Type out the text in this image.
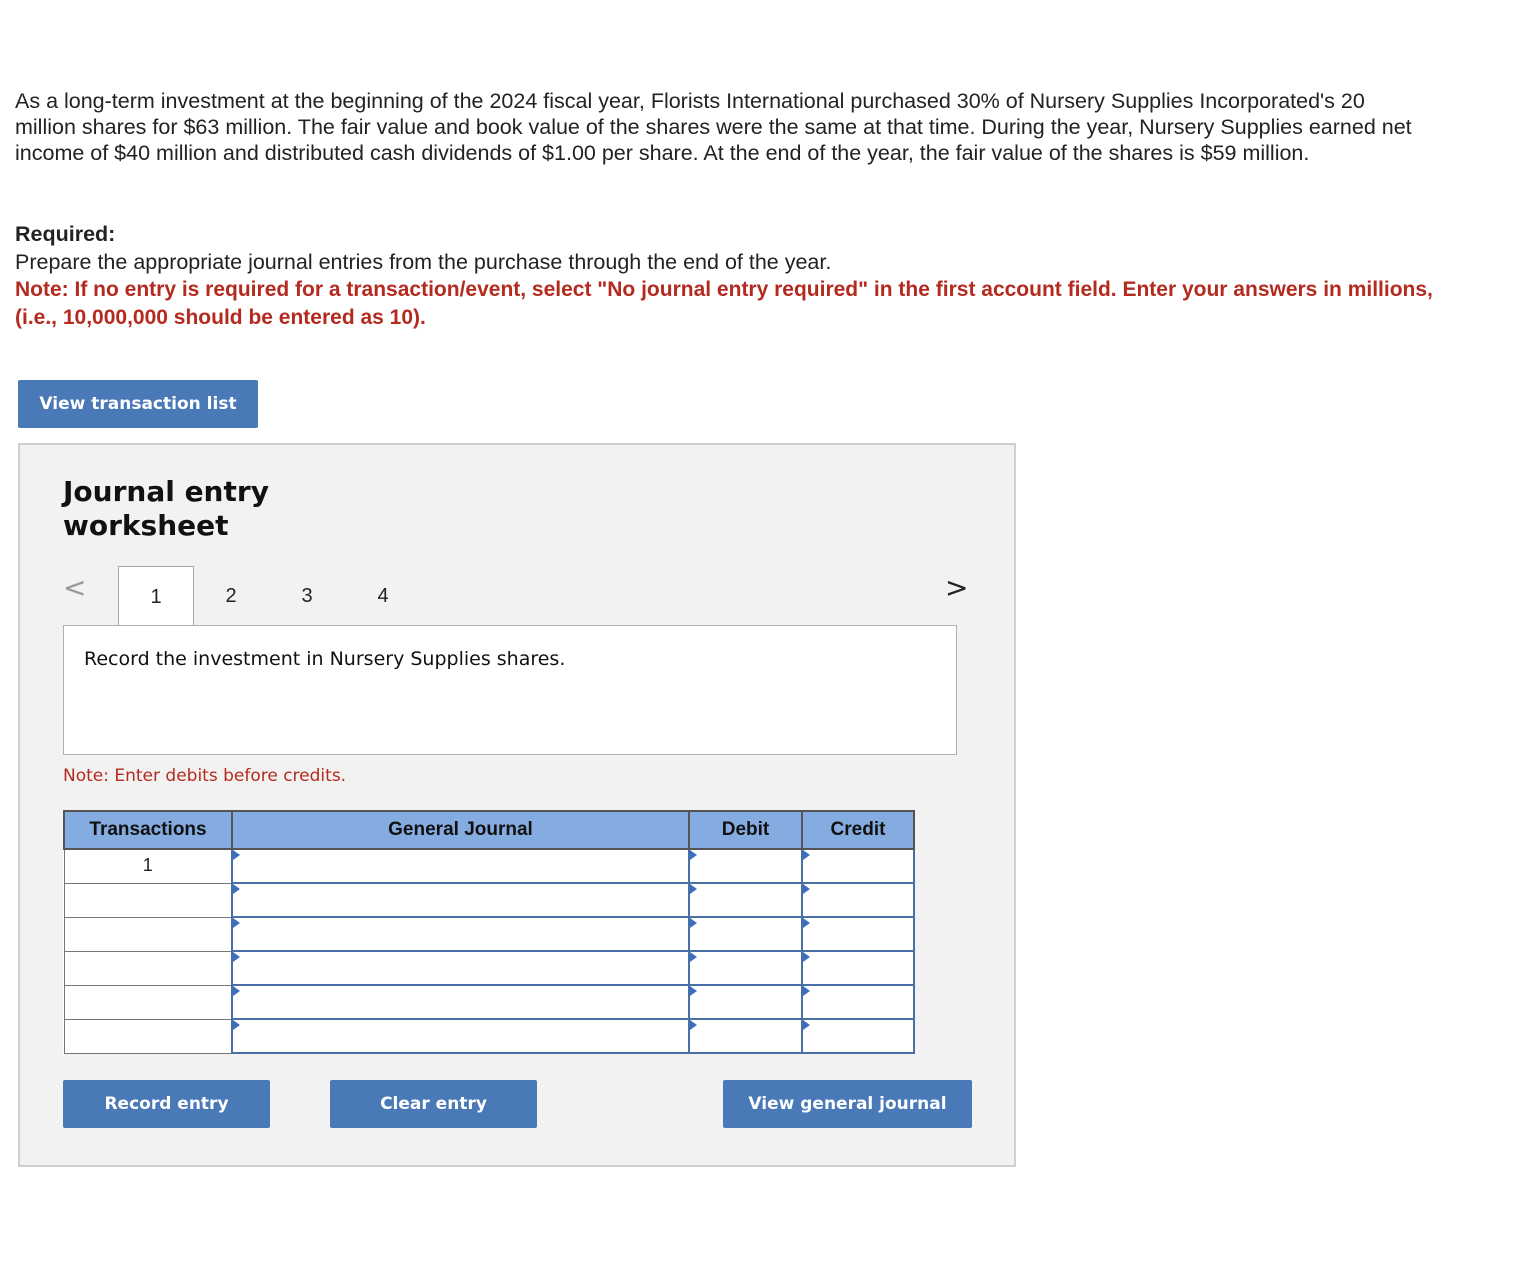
As a long-term investment at the beginning of the 2024 fiscal year, Florists International purchased 30% of Nursery Supplies Incorporated's 20 million shares for $63 million. The fair value and book value of the shares were the same at that time. During the year, Nursery Supplies earned net income of $40 million and distributed cash dividends of $1.00 per share. At the end of the year, the fair value of the shares is $59 million.
Required:
Prepare the appropriate journal entries from the purchase through the end of the year.
Note: If no entry is required for a transaction/event, select "No journal entry required" in the first account field. Enter your answers in millions, (i.e., 10,000,000 should be entered as 10).
View transaction list
Journal entry worksheet
<	1	2	3	4	>
Record the investment in Nursery Supplies shares.
Note: Enter debits before credits.
Transactions	General Journal	Debit	Credit
1	

Record entry	Clear entry	View general journal
